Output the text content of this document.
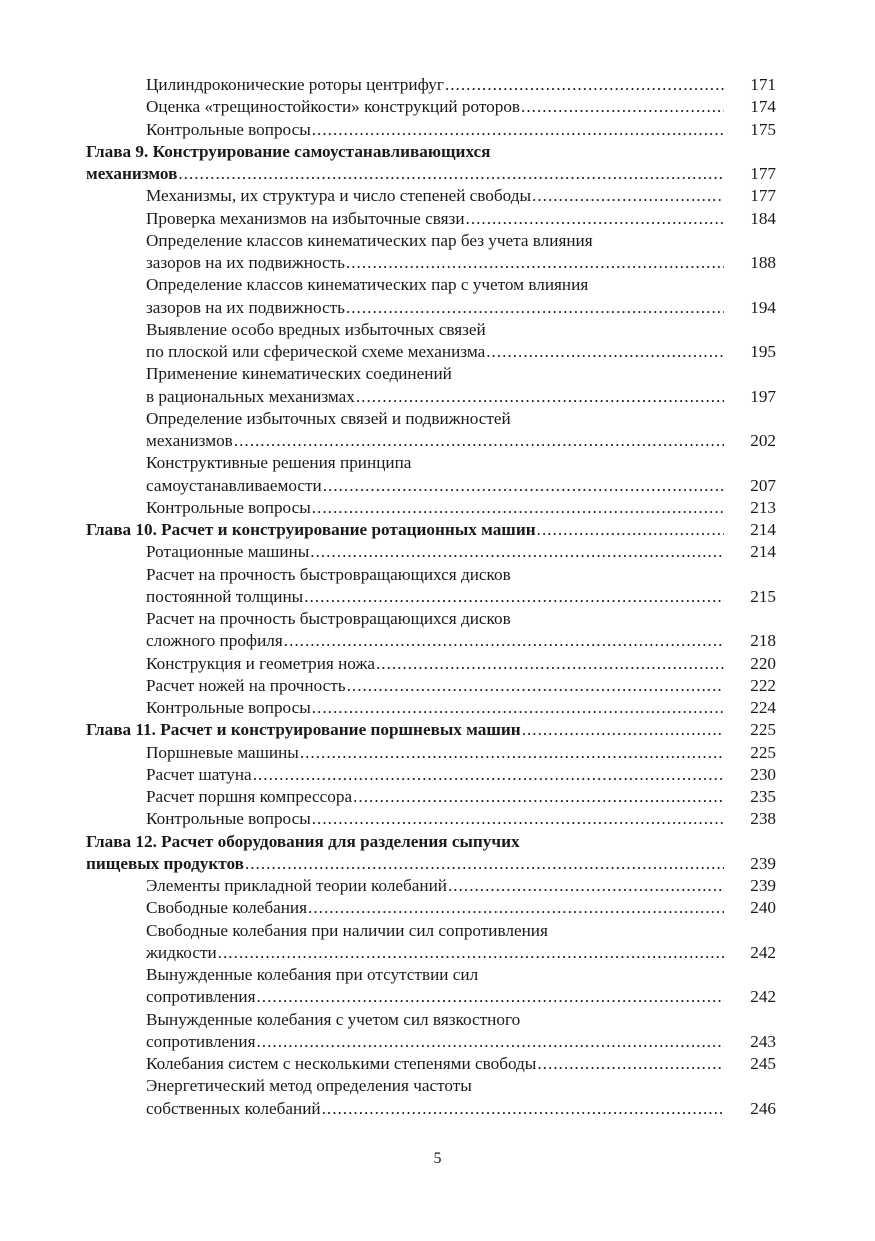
Цилиндроконические роторы центрифуг .....	171
Оценка «трещиностойкости» конструкций роторов .....	174
Контрольные вопросы .....	175
Глава 9. Конструирование самоустанавливающихся
механизмов .....	177
Механизмы, их структура и число степеней свободы .....	177
Проверка механизмов на избыточные связи .....	184
Определение классов кинематических пар без учета влияния
зазоров на их подвижность .....	188
Определение классов кинематических пар с учетом влияния
зазоров на их подвижность .....	194
Выявление особо вредных избыточных связей
по плоской или сферической схеме механизма .....	195
Применение кинематических соединений
в рациональных механизмах .....	197
Определение избыточных связей и подвижностей
механизмов .....	202
Конструктивные решения принципа
самоустанавливаемости .....	207
Контрольные вопросы .....	213
Глава 10. Расчет и конструирование ротационных машин .....	214
Ротационные машины .....	214
Расчет на прочность быстровращающихся дисков
постоянной толщины .....	215
Расчет на прочность быстровращающихся дисков
сложного профиля .....	218
Конструкция и геометрия ножа .....	220
Расчет ножей на прочность .....	222
Контрольные вопросы .....	224
Глава 11. Расчет и конструирование поршневых машин .....	225
Поршневые машины .....	225
Расчет шатуна .....	230
Расчет поршня компрессора .....	235
Контрольные вопросы .....	238
Глава 12. Расчет оборудования для разделения сыпучих
пищевых продуктов .....	239
Элементы прикладной теории колебаний .....	239
Свободные колебания .....	240
Свободные колебания при наличии сил сопротивления
жидкости .....	242
Вынужденные колебания при отсутствии сил
сопротивления .....	242
Вынужденные колебания с учетом сил вязкостного
сопротивления .....	243
Колебания систем с несколькими степенями свободы .....	245
Энергетический метод определения частоты
собственных колебаний .....	246
5
